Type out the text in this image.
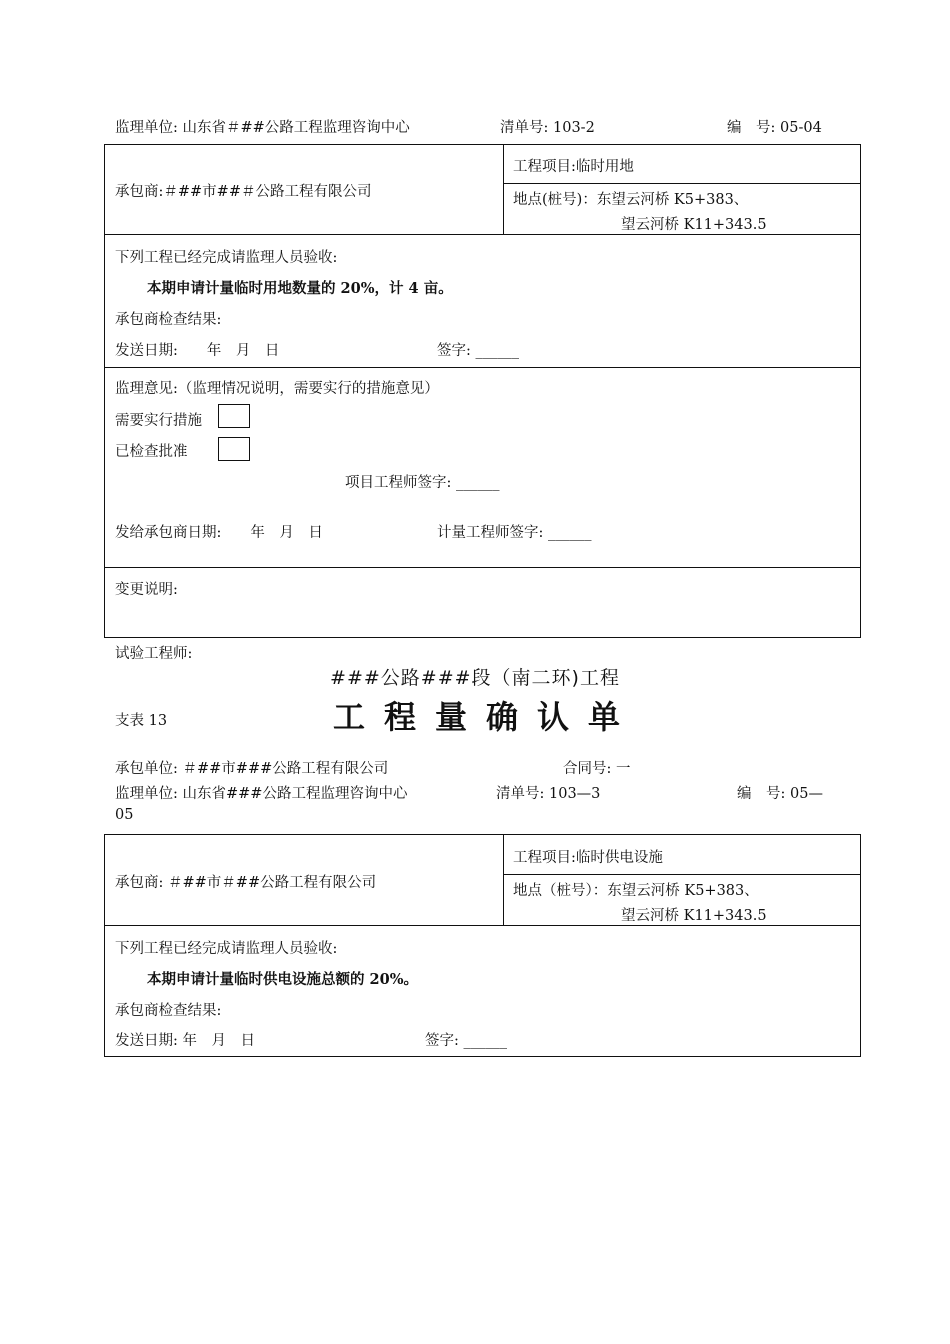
监理单位: 山东省＃##公路工程监理咨询中心	清单号: 103-2	编　号: 05-04
承包商:＃##市##＃公路工程有限公司
工程项目:临时用地
地点(桩号)：东望云河桥 K5+383、
望云河桥 K11+343.5
下列工程已经完成请监理人员验收:
本期申请计量临时用地数量的 20%，计 4 亩。
承包商检查结果:
发送日期:　　年　月　日	签字: ______
监理意见:（监理情况说明，需要实行的措施意见）
需要实行措施
已检查批准
项目工程师签字: ______
发给承包商日期:　　年　月　日	计量工程师签字: ______
变更说明:
试验工程师:
###公路###段（南二环)工程
支表 13	工程量确认单
承包单位: ＃##市###公路工程有限公司	合同号: 一
监理单位: 山东省###公路工程监理咨询中心	清单号: 103—3	编　号: 05—
05
承包商: ＃##市＃##公路工程有限公司
工程项目:临时供电设施
地点（桩号）：东望云河桥 K5+383、
望云河桥 K11+343.5
下列工程已经完成请监理人员验收:
本期申请计量临时供电设施总额的 20%。
承包商检查结果:
发送日期: 年　月　日	签字: ______
